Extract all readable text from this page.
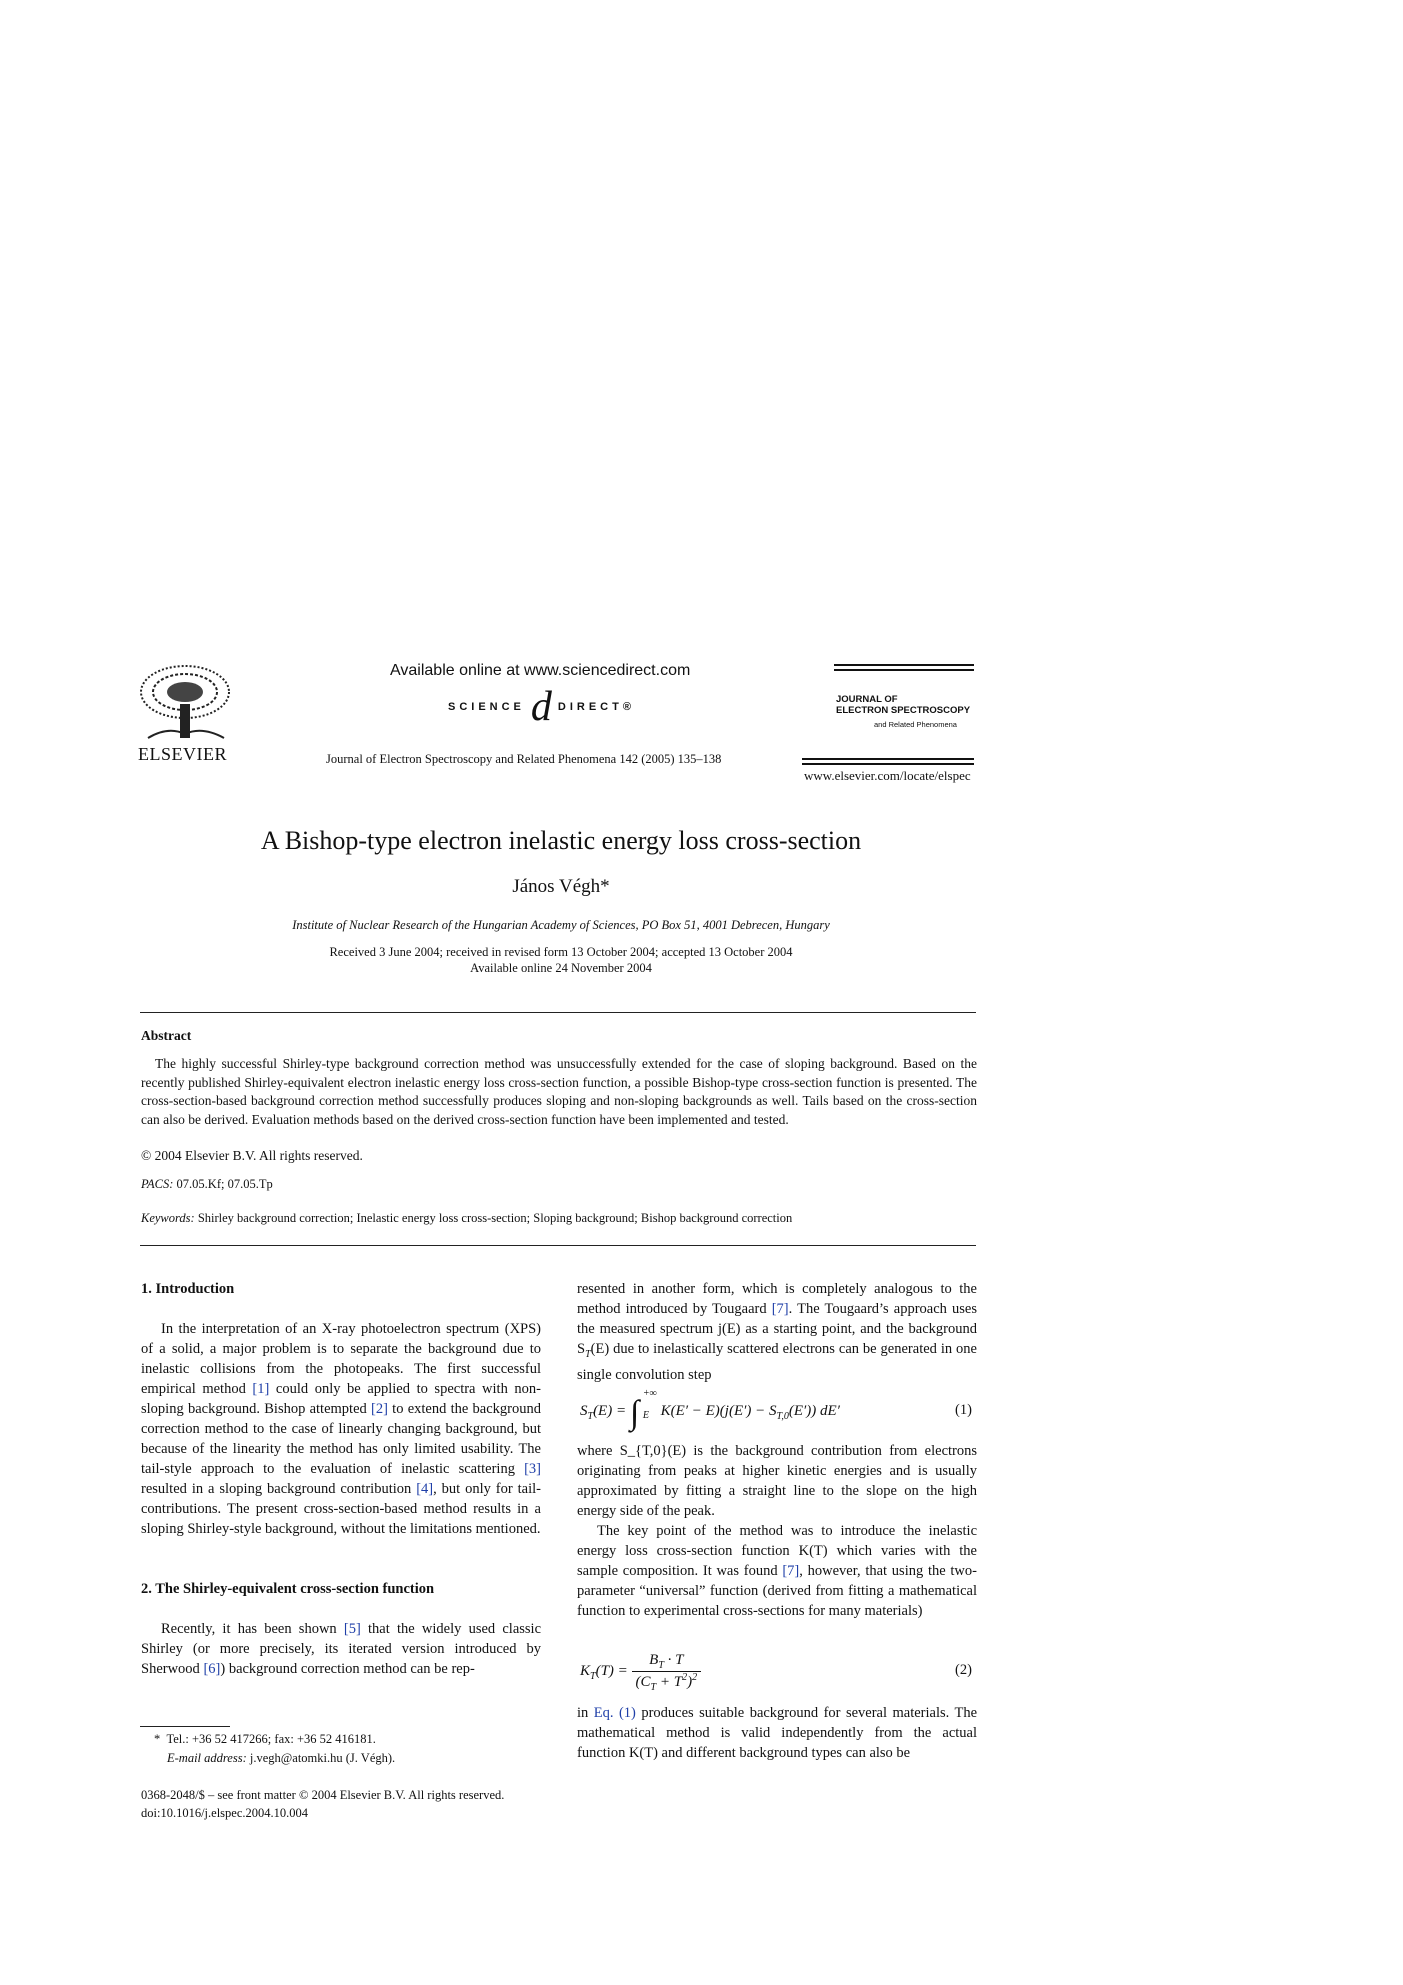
ELSEVIER
Available online at www.sciencedirect.com
SCIENCE d DIRECT®
Journal of Electron Spectroscopy and Related Phenomena 142 (2005) 135–138
JOURNAL OF
ELECTRON SPECTROSCOPY
and Related Phenomena
www.elsevier.com/locate/elspec
A Bishop-type electron inelastic energy loss cross-section
János Végh*
Institute of Nuclear Research of the Hungarian Academy of Sciences, PO Box 51, 4001 Debrecen, Hungary
Received 3 June 2004; received in revised form 13 October 2004; accepted 13 October 2004
Available online 24 November 2004
Abstract
The highly successful Shirley-type background correction method was unsuccessfully extended for the case of sloping background. Based on the recently published Shirley-equivalent electron inelastic energy loss cross-section function, a possible Bishop-type cross-section function is presented. The cross-section-based background correction method successfully produces sloping and non-sloping backgrounds as well. Tails based on the cross-section can also be derived. Evaluation methods based on the derived cross-section function have been implemented and tested.
© 2004 Elsevier B.V. All rights reserved.
PACS: 07.05.Kf; 07.05.Tp
Keywords: Shirley background correction; Inelastic energy loss cross-section; Sloping background; Bishop background correction

1. Introduction

In the interpretation of an X-ray photoelectron spectrum (XPS) of a solid, a major problem is to separate the background due to inelastic collisions from the photopeaks. The first successful empirical method [1] could only be applied to spectra with non-sloping background. Bishop attempted [2] to extend the background correction method to the case of linearly changing background, but because of the linearity the method has only limited usability. The tail-style approach to the evaluation of inelastic scattering [3] resulted in a sloping background contribution [4], but only for tail-contributions. The present cross-section-based method results in a sloping Shirley-style background, without the limitations mentioned.

2. The Shirley-equivalent cross-section function

Recently, it has been shown [5] that the widely used classic Shirley (or more precisely, its iterated version introduced by Sherwood [6]) background correction method can be rep-

resented in another form, which is completely analogous to the method introduced by Tougaard [7]. The Tougaard’s approach uses the measured spectrum j(E) as a starting point, and the background $S_T(E)$ due to inelastically scattered electrons can be generated in one single convolution step

$S_T(E)$ = ∫
+∞
E $K(E' - E)(j(E') - S_{T,0}(E'))$ dE′	(1)

where S_{T,0}(E) is the background contribution from electrons originating from peaks at higher kinetic energies and is usually approximated by fitting a straight line to the slope on the high energy side of the peak.

The key point of the method was to introduce the inelastic energy loss cross-section function K(T) which varies with the sample composition. It was found [7], however, that using the two-parameter “universal” function (derived from fitting a mathematical function to experimental cross-sections for many materials)

$K_T(T) = \frac{B_T \cdot T}{(C_T + T^2)^2}$	(2)

in Eq. (1) produces suitable background for several materials. The mathematical method is valid independently from the actual function K(T) and different background types can also be

*  Tel.: +36 52 417266; fax: +36 52 416181.
E-mail address: j.vegh@atomki.hu (J. Végh).
0368-2048/$ – see front matter © 2004 Elsevier B.V. All rights reserved.
doi:10.1016/j.elspec.2004.10.004
